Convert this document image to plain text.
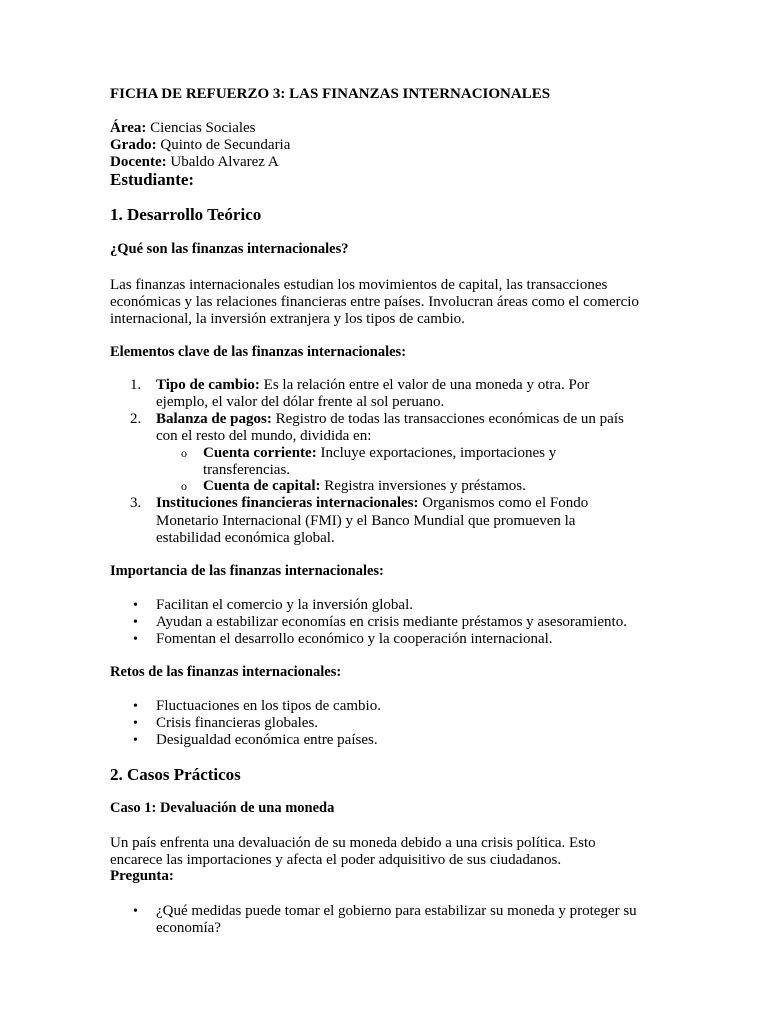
FICHA DE REFUERZO 3: LAS FINANZAS INTERNACIONALES
Área: Ciencias Sociales
Grado: Quinto de Secundaria
Docente: Ubaldo Alvarez A
Estudiante:
1. Desarrollo Teórico
¿Qué son las finanzas internacionales?
Las finanzas internacionales estudian los movimientos de capital, las transacciones
económicas y las relaciones financieras entre países. Involucran áreas como el comercio
internacional, la inversión extranjera y los tipos de cambio.
Elementos clave de las finanzas internacionales:
1. Tipo de cambio: Es la relación entre el valor de una moneda y otra. Por
ejemplo, el valor del dólar frente al sol peruano.
2. Balanza de pagos: Registro de todas las transacciones económicas de un país
con el resto del mundo, dividida en:
o Cuenta corriente: Incluye exportaciones, importaciones y
transferencias.
o Cuenta de capital: Registra inversiones y préstamos.
3. Instituciones financieras internacionales: Organismos como el Fondo
Monetario Internacional (FMI) y el Banco Mundial que promueven la
estabilidad económica global.
Importancia de las finanzas internacionales:
• Facilitan el comercio y la inversión global.
• Ayudan a estabilizar economías en crisis mediante préstamos y asesoramiento.
• Fomentan el desarrollo económico y la cooperación internacional.
Retos de las finanzas internacionales:
• Fluctuaciones en los tipos de cambio.
• Crisis financieras globales.
• Desigualdad económica entre países.
2. Casos Prácticos
Caso 1: Devaluación de una moneda
Un país enfrenta una devaluación de su moneda debido a una crisis política. Esto
encarece las importaciones y afecta el poder adquisitivo de sus ciudadanos.
Pregunta:
• ¿Qué medidas puede tomar el gobierno para estabilizar su moneda y proteger su
economía?
